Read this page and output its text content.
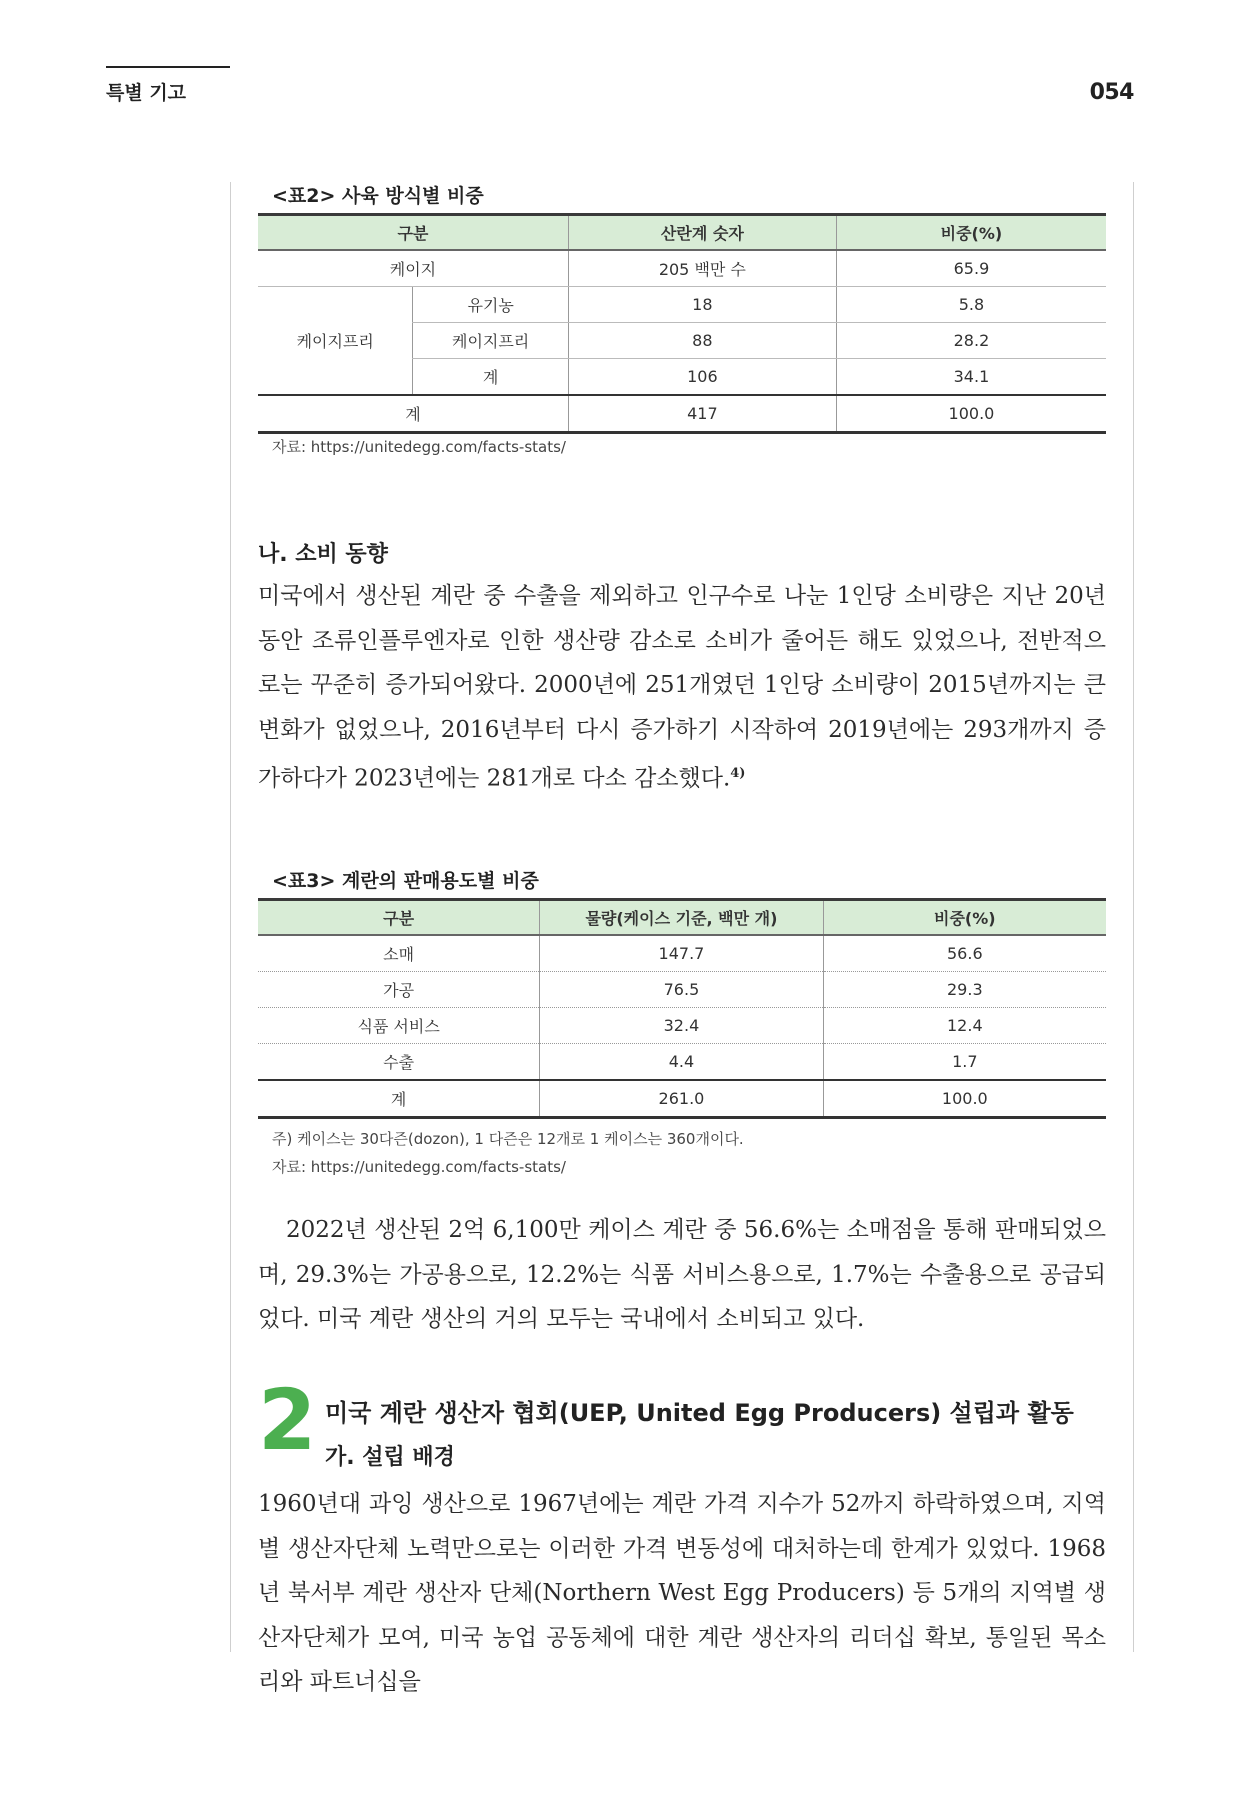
특별 기고	054
<표2> 사육 방식별 비중
구분		산란계 숫자	비중(%)
케이지		205 백만 수	65.9
케이지프리	유기농	18	5.8
	케이지프리	88	28.2
	계	106	34.1
계		417	100.0
자료: https://unitedegg.com/facts-stats/
나. 소비 동향

미국에서 생산된 계란 중 수출을 제외하고 인구수로 나눈 1인당 소비량은 지난 20년 동안 조류인플루엔자로 인한 생산량 감소로 소비가 줄어든 해도 있었으나, 전반적으로는 꾸준히 증가되어왔다. 2000년에 251개였던 1인당 소비량이 2015년까지는 큰 변화가 없었으나, 2016년부터 다시 증가하기 시작하여 2019년에는 293개까지 증가하다가 2023년에는 281개로 다소 감소했다.$^{4)}$

<표3> 계란의 판매용도별 비중
구분	물량(케이스 기준, 백만 개)	비중(%)
소매	147.7	56.6
가공	76.5	29.3
식품 서비스	32.4	12.4
수출	4.4	1.7
계	261.0	100.0
주) 케이스는 30다즌(dozon), 1 다즌은 12개로 1 케이스는 360개이다.
자료: https://unitedegg.com/facts-stats/

2022년 생산된 2억 6,100만 케이스 계란 중 56.6%는 소매점을 통해 판매되었으며, 29.3%는 가공용으로, 12.2%는 식품 서비스용으로, 1.7%는 수출용으로 공급되었다. 미국 계란 생산의 거의 모두는 국내에서 소비되고 있다.

2 미국 계란 생산자 협회(UEP, United Egg Producers) 설립과 활동
가. 설립 배경

1960년대 과잉 생산으로 1967년에는 계란 가격 지수가 52까지 하락하였으며, 지역별 생산자단체 노력만으로는 이러한 가격 변동성에 대처하는데 한계가 있었다. 1968년 북서부 계란 생산자 단체(Northern West Egg Producers) 등 5개의 지역별 생산자단체가 모여, 미국 농업 공동체에 대한 계란 생산자의 리더십 확보, 통일된 목소리와 파트너십을
